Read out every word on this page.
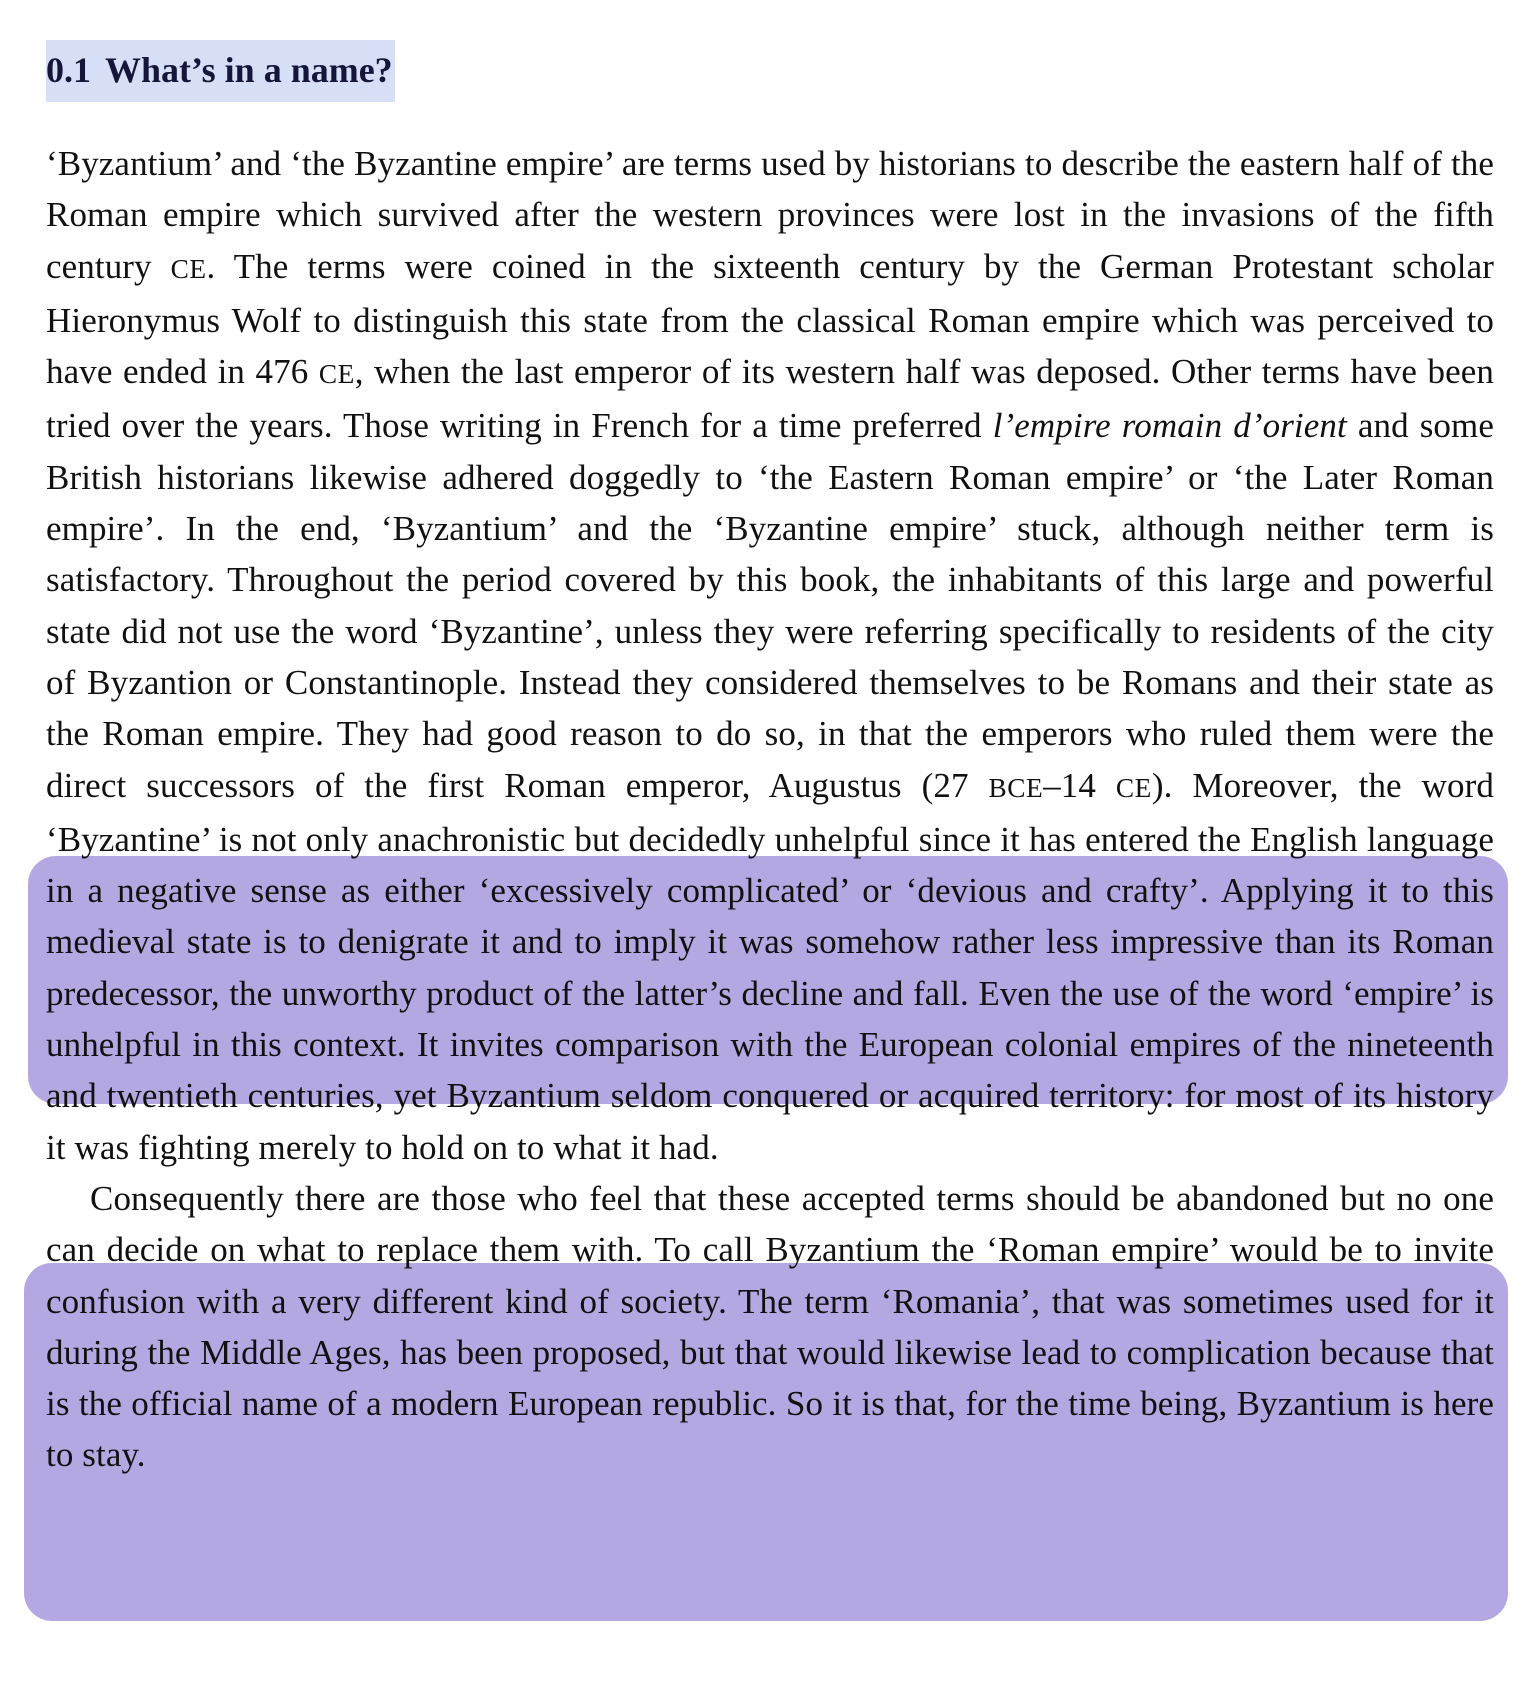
0.1 What’s in a name?

‘Byzantium’ and ‘the Byzantine empire’ are terms used by historians to describe the eastern half of the Roman empire which survived after the western provinces were lost in the invasions of the fifth century CE. The terms were coined in the sixteenth century by the German Protestant scholar Hieronymus Wolf to distinguish this state from the classical Roman empire which was perceived to have ended in 476 CE, when the last emperor of its western half was deposed. Other terms have been tried over the years. Those writing in French for a time preferred l’empire romain d’orient and some British historians likewise adhered doggedly to ‘the Eastern Roman empire’ or ‘the Later Roman empire’. In the end, ‘Byzantium’ and the ‘Byzantine empire’ stuck, although neither term is satisfactory. Throughout the period covered by this book, the inhabitants of this large and powerful state did not use the word ‘Byzantine’, unless they were referring specifically to residents of the city of Byzantion or Constantinople. Instead they considered themselves to be Romans and their state as the Roman empire. They had good reason to do so, in that the emperors who ruled them were the direct successors of the first Roman emperor, Augustus (27 BCE–14 CE). Moreover, the word ‘Byzantine’ is not only anachronistic but decidedly unhelpful since it has entered the English language in a negative sense as either ‘excessively complicated’ or ‘devious and crafty’. Applying it to this medieval state is to denigrate it and to imply it was somehow rather less impressive than its Roman predecessor, the unworthy product of the latter’s decline and fall. Even the use of the word ‘empire’ is unhelpful in this context. It invites comparison with the European colonial empires of the nineteenth and twentieth centuries, yet Byzantium seldom conquered or acquired territory: for most of its history it was fighting merely to hold on to what it had.

Consequently there are those who feel that these accepted terms should be abandoned but no one can decide on what to replace them with. To call Byzantium the ‘Roman empire’ would be to invite confusion with a very different kind of society. The term ‘Romania’, that was sometimes used for it during the Middle Ages, has been proposed, but that would likewise lead to complication because that is the official name of a modern European republic. So it is that, for the time being, Byzantium is here to stay.
